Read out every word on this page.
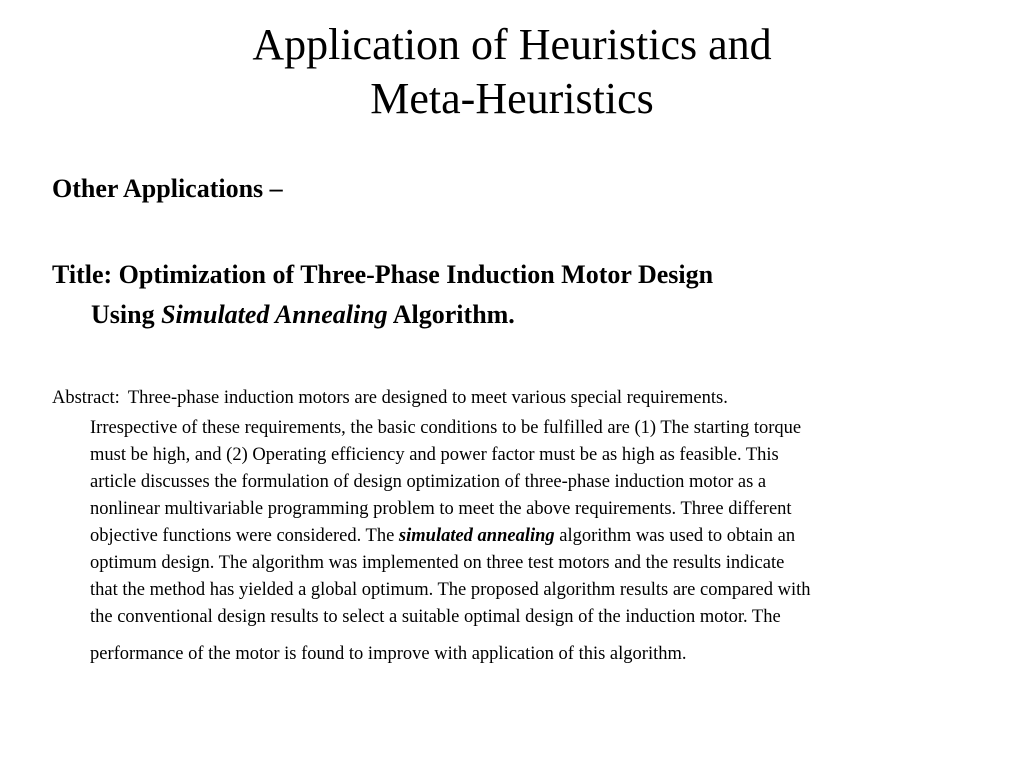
Application of Heuristics and
Meta-Heuristics

Other Applications –

Title: Optimization of Three-Phase Induction Motor Design
Using Simulated Annealing Algorithm.

Abstract: Three-phase induction motors are designed to meet various special requirements.
Irrespective of these requirements, the basic conditions to be fulfilled are (1) The starting torque
must be high, and (2) Operating efficiency and power factor must be as high as feasible. This
article discusses the formulation of design optimization of three-phase induction motor as a
nonlinear multivariable programming problem to meet the above requirements. Three different
objective functions were considered. The simulated annealing algorithm was used to obtain an
optimum design. The algorithm was implemented on three test motors and the results indicate
that the method has yielded a global optimum. The proposed algorithm results are compared with
the conventional design results to select a suitable optimal design of the induction motor. The
performance of the motor is found to improve with application of this algorithm.
